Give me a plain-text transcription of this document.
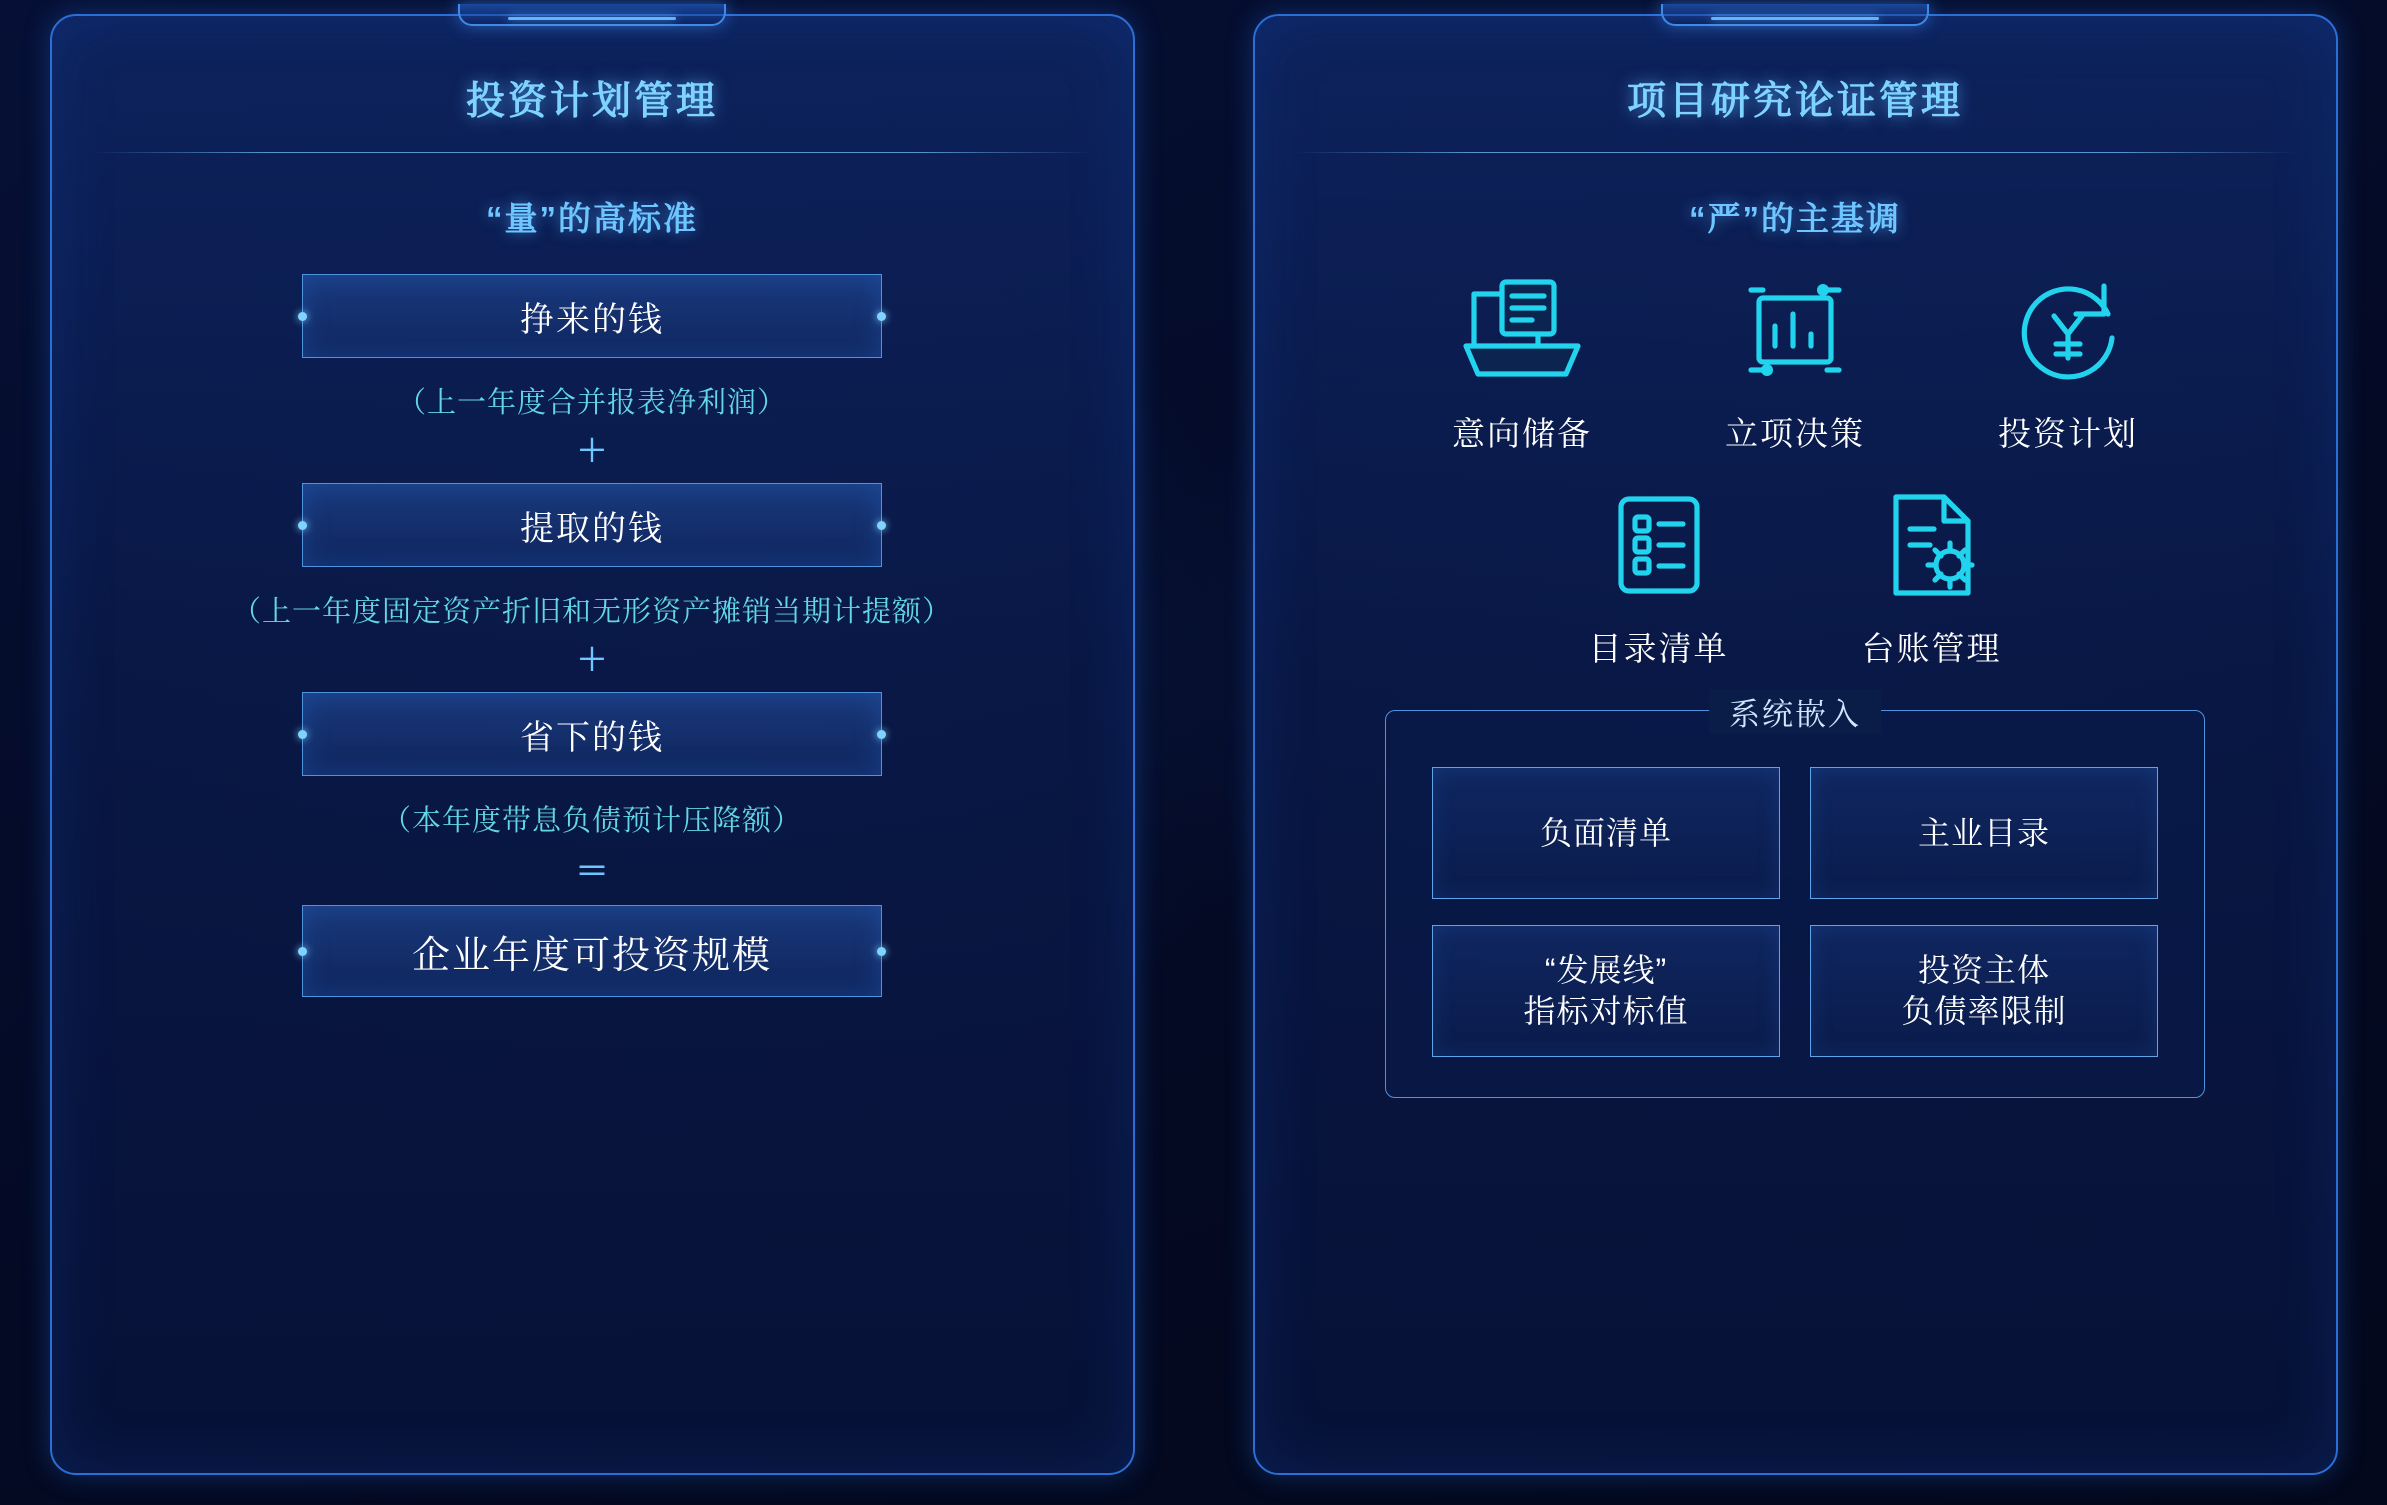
投资计划管理
“量”的高标准
挣来的钱

（上一年度合并报表净利润）

＋

提取的钱

（上一年度固定资产折旧和无形资产摊销当期计提额）

＋

省下的钱

（本年度带息负债预计压降额）

＝

企业年度可投资规模
项目研究论证管理
“严”的主基调
意向储备	立项决策	投资计划
目录清单	台账管理
系统嵌入
负面清单	主业目录
“发展线”
指标对标值
投资主体
负债率限制
